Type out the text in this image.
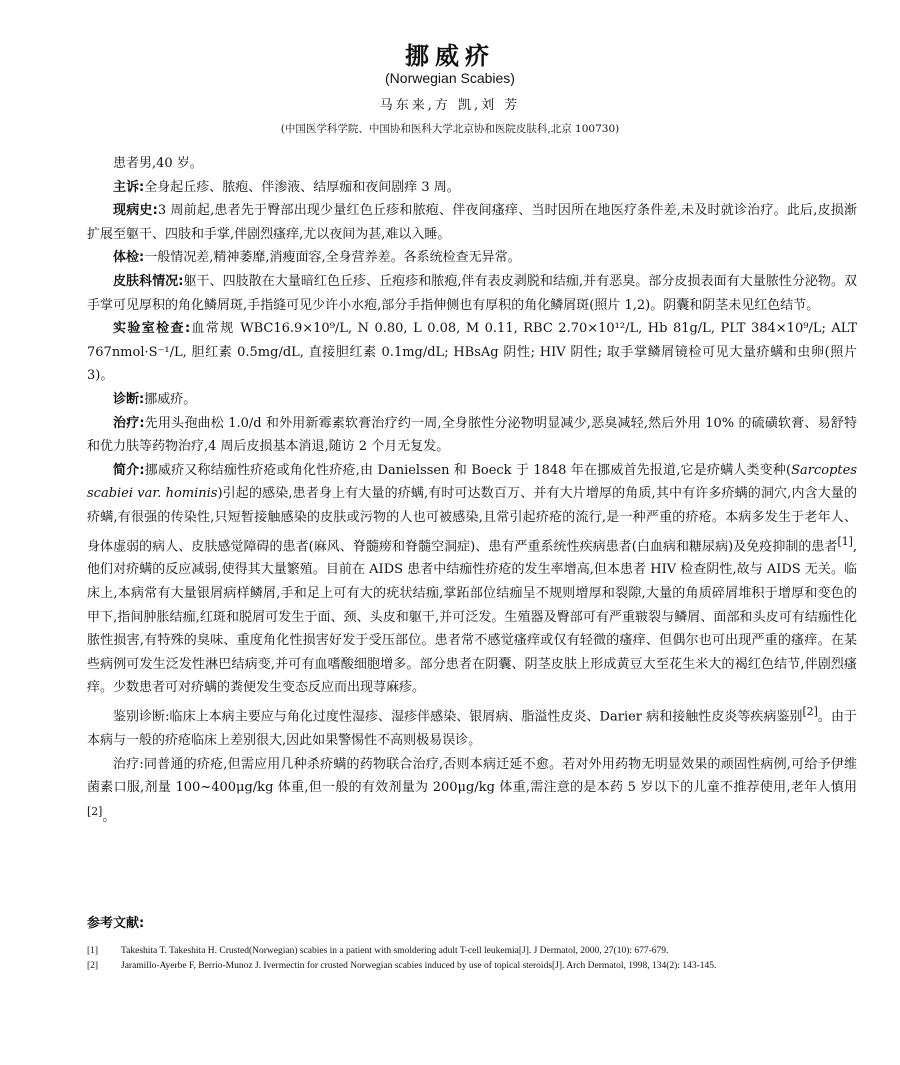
挪威疥
(Norwegian Scabies)
马东来,方 凯,刘 芳
(中国医学科学院、中国协和医科大学北京协和医院皮肤科,北京 100730)

患者男,40 岁。

主诉:全身起丘疹、脓疱、伴渗液、结厚痂和夜间剧痒 3 周。

现病史:3 周前起,患者先于臀部出现少量红色丘疹和脓疱、伴夜间瘙痒、当时因所在地医疗条件差,未及时就诊治疗。此后,皮损渐扩展至躯干、四肢和手掌,伴剧烈瘙痒,尤以夜间为甚,难以入睡。

体检:一般情况差,精神萎靡,消瘦面容,全身营养差。各系统检查无异常。

皮肤科情况:躯干、四肢散在大量暗红色丘疹、丘疱疹和脓疱,伴有表皮剥脱和结痂,并有恶臭。部分皮损表面有大量脓性分泌物。双手掌可见厚积的角化鳞屑斑,手指缝可见少许小水疱,部分手指伸侧也有厚积的角化鳞屑斑(照片 1,2)。阴囊和阴茎未见红色结节。

实验室检查:血常规 WBC16.9×10⁹/L, N 0.80, L 0.08, M 0.11, RBC 2.70×10¹²/L, Hb 81g/L, PLT 384×10⁹/L; ALT 767nmol·S⁻¹/L, 胆红素 0.5mg/dL, 直接胆红素 0.1mg/dL; HBsAg 阴性; HIV 阴性; 取手掌鳞屑镜检可见大量疥螨和虫卵(照片 3)。

诊断:挪威疥。

治疗:先用头孢曲松 1.0/d 和外用新霉素软膏治疗约一周,全身脓性分泌物明显减少,恶臭减轻,然后外用 10% 的硫磺软膏、易舒特和优力肤等药物治疗,4 周后皮损基本消退,随访 2 个月无复发。

简介:挪威疥又称结痂性疥疮或角化性疥疮,由 Danielssen 和 Boeck 于 1848 年在挪威首先报道,它是疥螨人类变种(Sarcoptes scabiei var. hominis)引起的感染,患者身上有大量的疥螨,有时可达数百万、并有大片增厚的角质,其中有许多疥螨的洞穴,内含大量的疥螨,有很强的传染性,只短暂接触感染的皮肤或污物的人也可被感染,且常引起疥疮的流行,是一种严重的疥疮。本病多发生于老年人、身体虚弱的病人、皮肤感觉障碍的患者(麻风、脊髓痨和脊髓空洞症)、患有严重系统性疾病患者(白血病和糖尿病)及免疫抑制的患者[1],他们对疥螨的反应减弱,使得其大量繁殖。目前在 AIDS 患者中结痂性疥疮的发生率增高,但本患者 HIV 检查阴性,故与 AIDS 无关。临床上,本病常有大量银屑病样鳞屑,手和足上可有大的疣状结痂,掌跖部位结痂呈不规则增厚和裂隙,大量的角质碎屑堆积于增厚和变色的甲下,指间肿胀结痂,红斑和脱屑可发生于面、颈、头皮和躯干,并可泛发。生殖器及臀部可有严重皲裂与鳞屑、面部和头皮可有结痂性化脓性损害,有特殊的臭味、重度角化性损害好发于受压部位。患者常不感觉瘙痒或仅有轻微的瘙痒、但偶尔也可出现严重的瘙痒。在某些病例可发生泛发性淋巴结病变,并可有血嗜酸细胞增多。部分患者在阴囊、阴茎皮肤上形成黄豆大至花生米大的褐红色结节,伴剧烈瘙痒。少数患者可对疥螨的粪便发生变态反应而出现荨麻疹。

鉴别诊断:临床上本病主要应与角化过度性湿疹、湿疹伴感染、银屑病、脂溢性皮炎、Darier 病和接触性皮炎等疾病鉴别[2]。由于本病与一般的疥疮临床上差别很大,因此如果警惕性不高则极易误诊。

治疗:同普通的疥疮,但需应用几种杀疥螨的药物联合治疗,否则本病迁延不愈。若对外用药物无明显效果的顽固性病例,可给予伊维菌素口服,剂量 100~400μg/kg 体重,但一般的有效剂量为 200μg/kg 体重,需注意的是本药 5 岁以下的儿童不推荐使用,老年人慎用[2]。

参考文献:
[1] Takeshita T. Takeshita H. Crusted(Norwegian) scabies in a patient with smoldering adult T-cell leukemia[J]. J Dermatol, 2000, 27(10): 677-679.
[2] Jaramillo-Ayerbe F, Berrio-Munoz J. Ivermectin for crusted Norwegian scabies induced by use of topical steroids[J]. Arch Dermatol, 1998, 134(2): 143-145.
